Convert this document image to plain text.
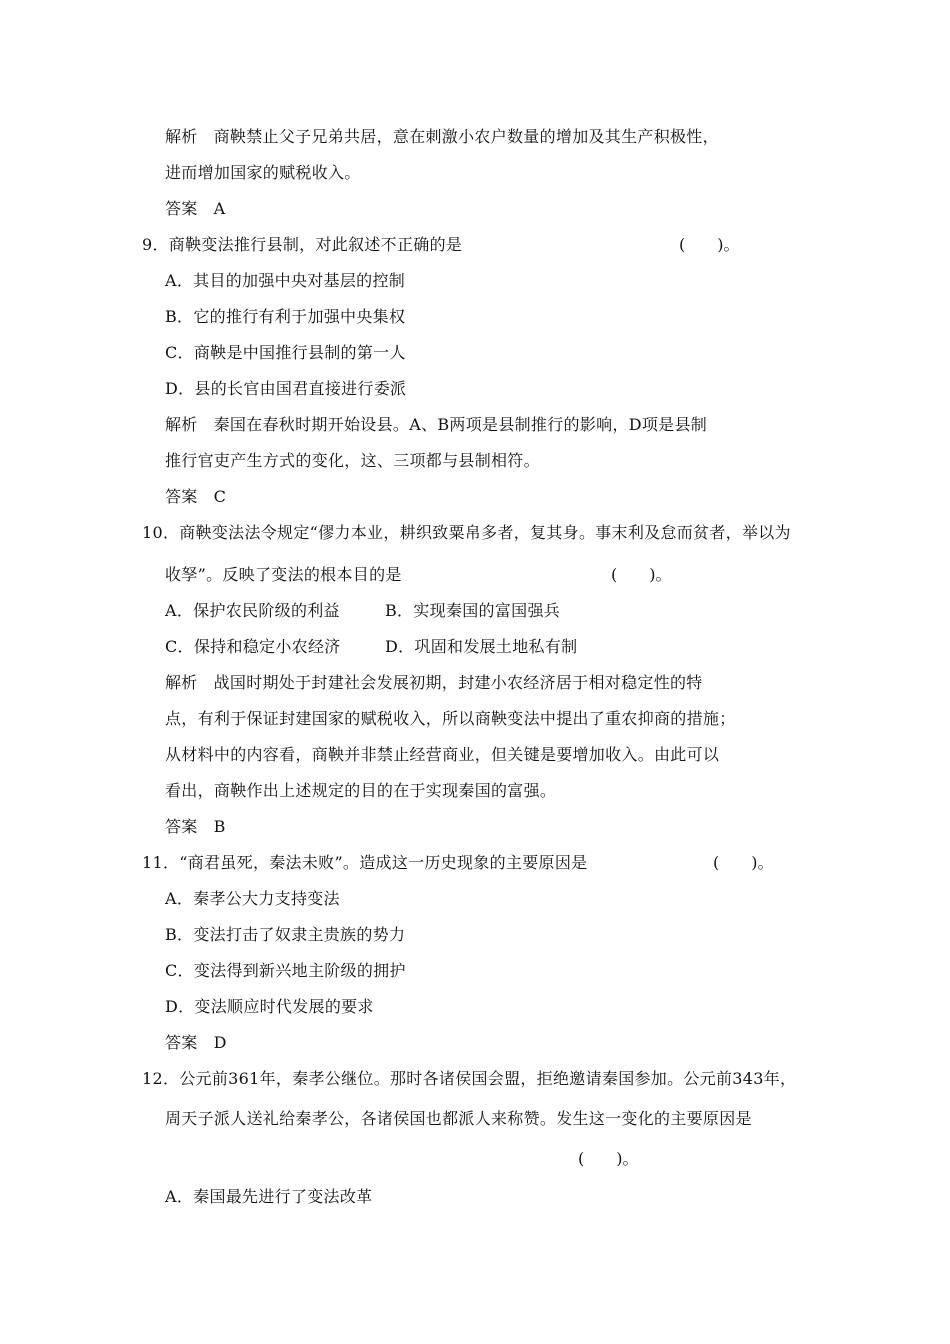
解析 商鞅禁止父子兄弟共居，意在刺激小农户数量的增加及其生产积极性，
进而增加国家的赋税收入。
答案 A
9．商鞅变法推行县制，对此叙述不正确的是	(　　)。
A．其目的加强中央对基层的控制
B．它的推行有利于加强中央集权
C．商鞅是中国推行县制的第一人
D．县的长官由国君直接进行委派
解析 秦国在春秋时期开始设县。A、B两项是县制推行的影响，D项是县制
推行官吏产生方式的变化，这、三项都与县制相符。
答案 C
10．商鞅变法法令规定“僇力本业，耕织致粟帛多者，复其身。事末利及怠而贫者，举以为
收孥”。反映了变法的根本目的是	(　　)。
A．保护农民阶级的利益	B．实现秦国的富国强兵
C．保持和稳定小农经济	D．巩固和发展土地私有制
解析 战国时期处于封建社会发展初期，封建小农经济居于相对稳定性的特
点，有利于保证封建国家的赋税收入，所以商鞅变法中提出了重农抑商的措施；
从材料中的内容看，商鞅并非禁止经营商业，但关键是要增加收入。由此可以
看出，商鞅作出上述规定的目的在于实现秦国的富强。
答案 B
11．“商君虽死，秦法未败”。造成这一历史现象的主要原因是	(　　)。
A．秦孝公大力支持变法
B．变法打击了奴隶主贵族的势力
C．变法得到新兴地主阶级的拥护
D．变法顺应时代发展的要求
答案 D
12．公元前361年，秦孝公继位。那时各诸侯国会盟，拒绝邀请秦国参加。公元前343年，
周天子派人送礼给秦孝公，各诸侯国也都派人来称赞。发生这一变化的主要原因是
(　　)。
A．秦国最先进行了变法改革
